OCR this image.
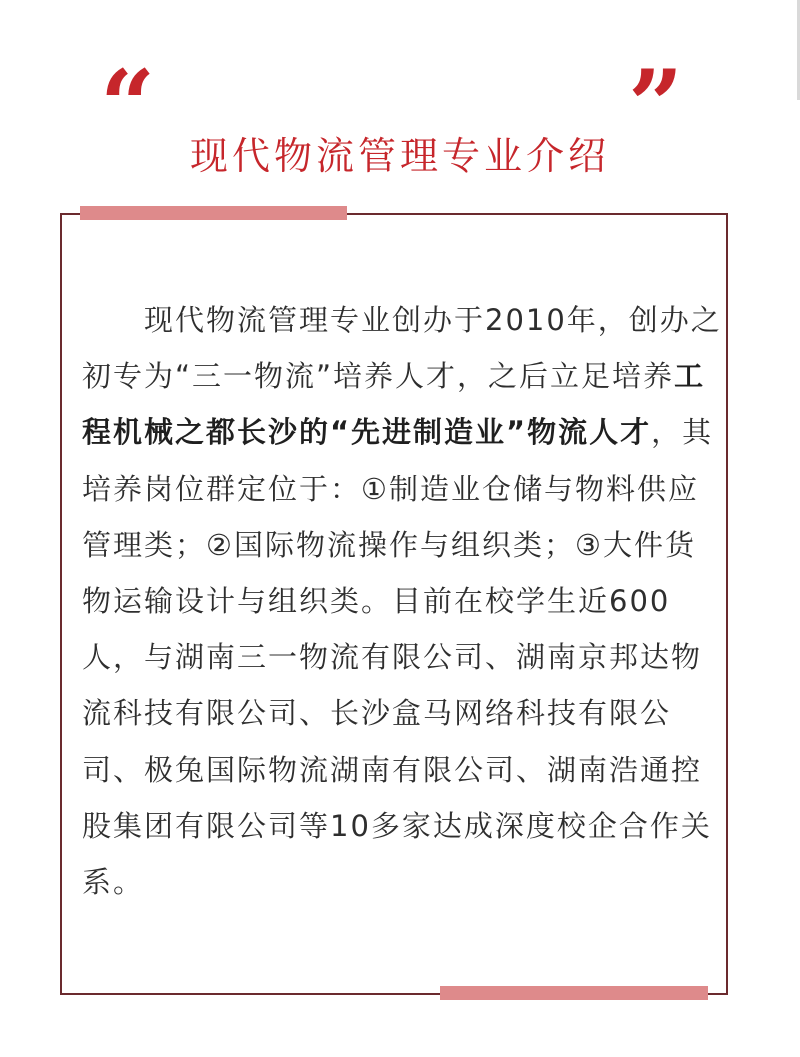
“	”
现代物流管理专业介绍

现代物流管理专业创办于2010年，创办之初专为“三一物流”培养人才，之后立足培养工程机械之都长沙的“先进制造业”物流人才，其培养岗位群定位于：①制造业仓储与物料供应管理类；②国际物流操作与组织类；③大件货物运输设计与组织类。目前在校学生近600人，与湖南三一物流有限公司、湖南京邦达物流科技有限公司、长沙盒马网络科技有限公司、极兔国际物流湖南有限公司、湖南浩通控股集团有限公司等10多家达成深度校企合作关系。
